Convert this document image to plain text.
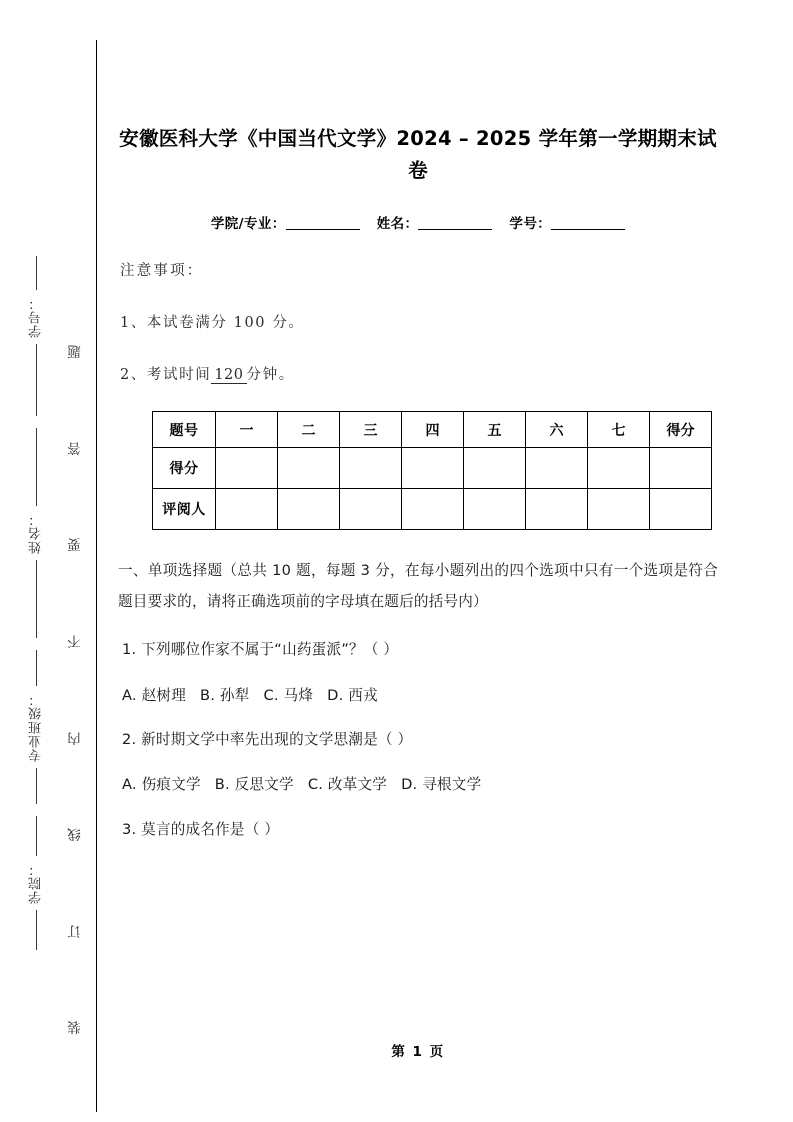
学号：
姓名：
专业班级：
学院：
题
答
要
不
内
线
订
装
安徽医科大学《中国当代文学》2024 – 2025 学年第一学期期末试卷

学院/专业：	姓名：	学号：

注意事项：

1、本试卷满分 100 分。

2、考试时间 120 分钟。

题号	一	二	三	四	五	六	七	得分
得分								
评阅人								

一、单项选择题（总共 10 题，每题 3 分，在每小题列出的四个选项中只有一个选项是符合题目要求的，请将正确选项前的字母填在题后的括号内）

1. 下列哪位作家不属于“山药蛋派”？（ ）

A. 赵树理 B. 孙犁 C. 马烽 D. 西戎

2. 新时期文学中率先出现的文学思潮是（ ）

A. 伤痕文学 B. 反思文学 C. 改革文学 D. 寻根文学

3. 莫言的成名作是（ ）

第 1 页
